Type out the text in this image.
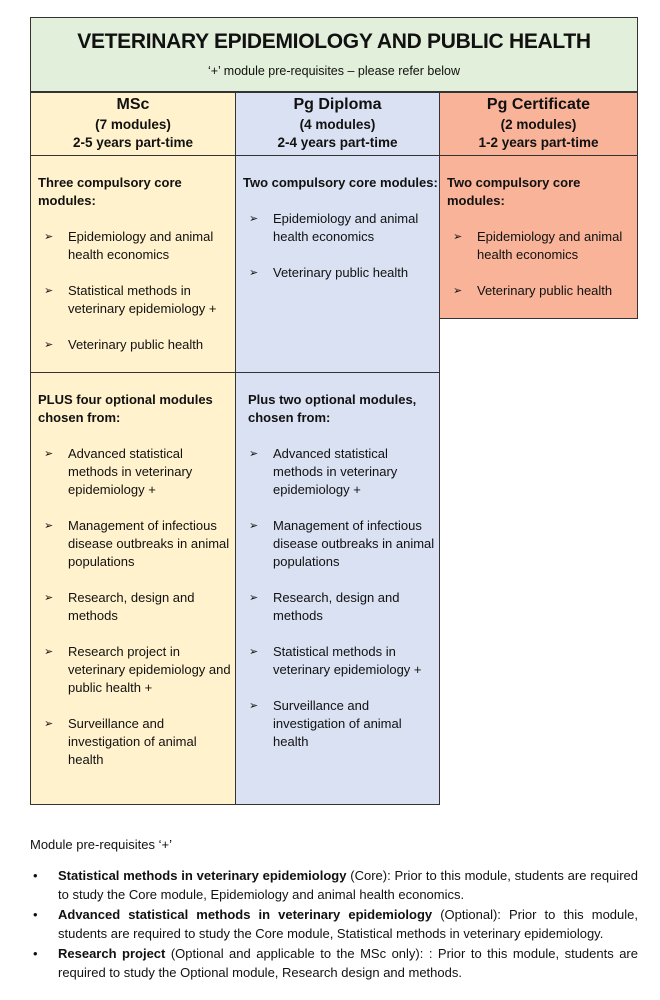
VETERINARY EPIDEMIOLOGY AND PUBLIC HEALTH
‘+’ module pre-requisites – please refer below
MSc
(7 modules)
2-5 years part-time
Pg Diploma
(4 modules)
2-4 years part-time
Pg Certificate
(2 modules)
1-2 years part-time
Three compulsory core modules:
➢ Epidemiology and animal health economics
➢ Statistical methods in veterinary epidemiology +
➢ Veterinary public health
Two compulsory core modules:
➢ Epidemiology and animal health economics
➢ Veterinary public health
Two compulsory core modules:
➢ Epidemiology and animal health economics
➢ Veterinary public health
PLUS four optional modules chosen from:
➢ Advanced statistical methods in veterinary epidemiology +
➢ Management of infectious disease outbreaks in animal populations
➢ Research, design and methods
➢ Research project in veterinary epidemiology and public health +
➢ Surveillance and investigation of animal health
Plus two optional modules, chosen from:
➢ Advanced statistical methods in veterinary epidemiology +
➢ Management of infectious disease outbreaks in animal populations
➢ Research, design and methods
➢ Statistical methods in veterinary epidemiology +
➢ Surveillance and investigation of animal health
Module pre-requisites ‘+’
• Statistical methods in veterinary epidemiology (Core): Prior to this module, students are required to study the Core module, Epidemiology and animal health economics.
• Advanced statistical methods in veterinary epidemiology (Optional): Prior to this module, students are required to study the Core module, Statistical methods in veterinary epidemiology.
• Research project (Optional and applicable to the MSc only): : Prior to this module, students are required to study the Optional module, Research design and methods.
